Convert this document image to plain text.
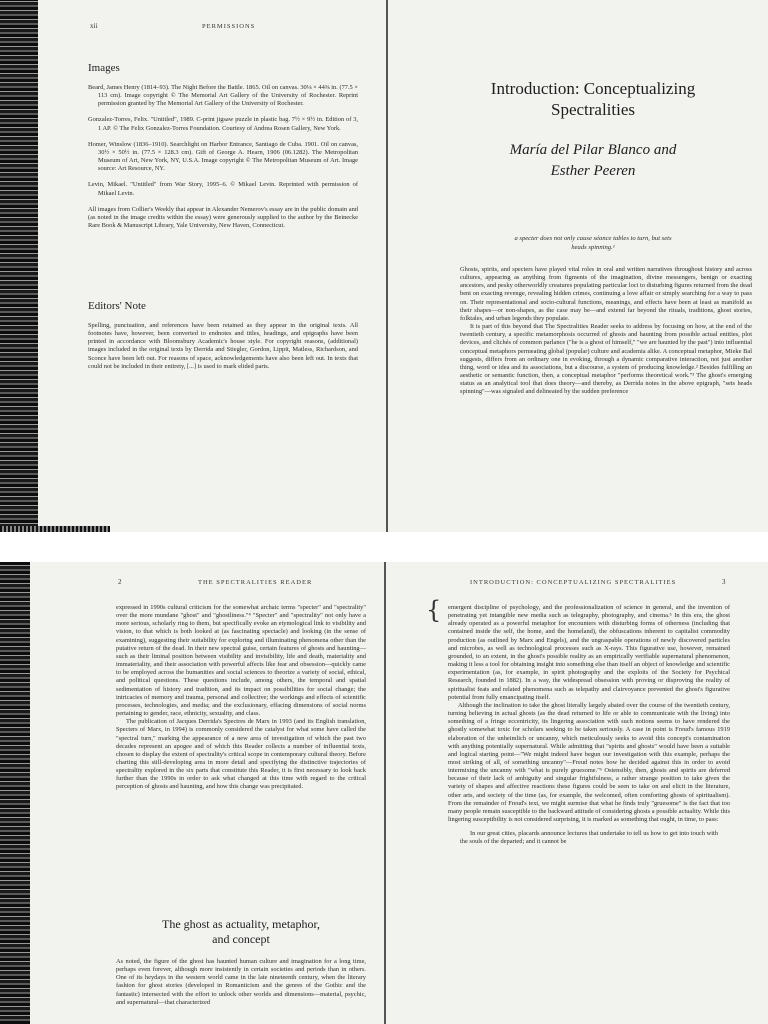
xii	PERMISSIONS
Images

Beard, James Henry (1814–93). The Night Before the Battle. 1865. Oil on canvas. 30⅛ × 44⅜ in. (77.5 × 113 cm). Image copyright © The Memorial Art Gallery of the University of Rochester. Reprint permission granted by The Memorial Art Gallery of the University of Rochester.

Gonzalez-Torres, Felix. "Untitled", 1989. C-print jigsaw puzzle in plastic bag. 7½ × 9½ in. Edition of 3, 1 AP. © The Felix Gonzalez-Torres Foundation. Courtesy of Andrea Rosen Gallery, New York.

Homer, Winslow (1836–1910). Searchlight on Harbor Entrance, Santiago de Cuba. 1901. Oil on canvas, 30½ × 50½ in. (77.5 × 128.3 cm). Gift of George A. Hearn, 1906 (06.1282). The Metropolitan Museum of Art, New York, NY, U.S.A. Image copyright © The Metropolitan Museum of Art. Image source: Art Resource, NY.

Levin, Mikael. "Untitled" from War Story, 1995–6. © Mikael Levin. Reprinted with permission of Mikael Levin.

All images from Collier's Weekly that appear in Alexander Nemerov's essay are in the public domain and (as noted in the image credits within the essay) were generously supplied to the author by the Beinecke Rare Book & Manuscript Library, Yale University, New Haven, Connecticut.

Editors' Note

Spelling, punctuation, and references have been retained as they appear in the original texts. All footnotes have, however, been converted to endnotes and titles, headings, and epigraphs have been printed in accordance with Bloomsbury Academic's house style. For copyright reasons, (additional) images included in the original texts by Derrida and Stiegler, Gordon, Lippit, Matless, Richardson, and Sconce have been left out. For reasons of space, acknowledgements have also been left out. In texts that could not be included in their entirety, [...] is used to mark elided parts.

Introduction: Conceptualizing
Spectralities
María del Pilar Blanco and
Esther Peeren
a specter does not only cause séance tables to turn, but sets
heads spinning.¹

Ghosts, spirits, and specters have played vital roles in oral and written narratives throughout history and across cultures, appearing as anything from figments of the imagination, divine messengers, benign or exacting ancestors, and pesky otherworldly creatures populating particular loci to disturbing figures returned from the dead bent on exacting revenge, revealing hidden crimes, continuing a love affair or simply searching for a way to pass on. Their representational and socio-cultural functions, meanings, and effects have been at least as manifold as their shapes—or non-shapes, as the case may be—and extend far beyond the rituals, traditions, ghost stories, folktales, and urban legends they populate.

It is part of this beyond that The Spectralities Reader seeks to address by focusing on how, at the end of the twentieth century, a specific metamorphosis occurred of ghosts and haunting from possible actual entities, plot devices, and clichés of common parlance ("he is a ghost of himself," "we are haunted by the past") into influential conceptual metaphors permeating global (popular) culture and academia alike. A conceptual metaphor, Mieke Bal suggests, differs from an ordinary one in evoking, through a dynamic comparative interaction, not just another thing, word or idea and its associations, but a discourse, a system of producing knowledge.² Besides fulfilling an aesthetic or semantic function, then, a conceptual metaphor "performs theoretical work."³ The ghost's emerging status as an analytical tool that does theory—and thereby, as Derrida notes in the above epigraph, "sets heads spinning"—was signaled and delineated by the sudden preference

2	THE SPECTRALITIES READER

expressed in 1990s cultural criticism for the somewhat archaic terms "specter" and "spectrality" over the more mundane "ghost" and "ghostliness."⁴ "Specter" and "spectrality" not only have a more serious, scholarly ring to them, but specifically evoke an etymological link to visibility and vision, to that which is both looked at (as fascinating spectacle) and looking (in the sense of examining), suggesting their suitability for exploring and illuminating phenomena other than the putative return of the dead. In their new spectral guise, certain features of ghosts and haunting—such as their liminal position between visibility and invisibility, life and death, materiality and immateriality, and their association with powerful affects like fear and obsession—quickly came to be employed across the humanities and social sciences to theorize a variety of social, ethical, and political questions. These questions include, among others, the temporal and spatial sedimentation of history and tradition, and its impact on possibilities for social change; the intricacies of memory and trauma, personal and collective; the workings and effects of scientific processes, technologies, and media; and the exclusionary, effacing dimensions of social norms pertaining to gender, race, ethnicity, sexuality, and class.

The publication of Jacques Derrida's Spectres de Marx in 1993 (and its English translation, Specters of Marx, in 1994) is commonly considered the catalyst for what some have called the "spectral turn," marking the appearance of a new area of investigation of which the past two decades represent an apogee and of which this Reader collects a number of influential texts, chosen to display the extent of spectrality's critical scope in contemporary cultural theory. Before charting this still-developing area in more detail and specifying the distinctive trajectories of spectrality explored in the six parts that constitute this Reader, it is first necessary to look back further than the 1990s in order to ask what changed at this time with regard to the critical perception of ghosts and haunting, and how this change was precipitated.

The ghost as actuality, metaphor,
and concept

As noted, the figure of the ghost has haunted human culture and imagination for a long time, perhaps even forever, although more insistently in certain societies and periods than in others. One of its heydays in the western world came in the late nineteenth century, when the literary fashion for ghost stories (developed in Romanticism and the genres of the Gothic and the fantastic) intersected with the effort to unlock other worlds and dimensions—material, psychic, and supernatural—that characterized

INTRODUCTION: CONCEPTUALIZING SPECTRALITIES	3
{ emergent discipline of psychology, and the professionalization of science in general, and the invention of penetrating yet intangible new media such as telegraphy, photography, and cinema.⁵ In this era, the ghost already operated as a powerful metaphor for encounters with disturbing forms of otherness (including that contained inside the self, the home, and the homeland), the obfuscations inherent to capitalist commodity production (as outlined by Marx and Engels), and the ungraspable operations of newly discovered particles and microbes, as well as technological processes such as X-rays. This figurative use, however, remained grounded, to an extent, in the ghost's possible reality as an empirically verifiable supernatural phenomenon, making it less a tool for obtaining insight into something else than itself an object of knowledge and scientific experimentation (as, for example, in spirit photography and the exploits of the Society for Psychical Research, founded in 1882). In a way, the widespread obsession with proving or disproving the reality of spiritualist feats and related phenomena such as telepathy and clairvoyance prevented the ghost's figurative potential from fully emancipating itself.

Although the inclination to take the ghost literally largely abated over the course of the twentieth century, turning believing in actual ghosts (as the dead returned to life or able to communicate with the living) into something of a fringe eccentricity, its lingering association with such notions seems to have rendered the ghostly somewhat toxic for scholars seeking to be taken seriously. A case in point is Freud's famous 1919 elaboration of the unheimlich or uncanny, which meticulously seeks to avoid this concept's contamination with anything potentially supernatural. While admitting that "spirits and ghosts" would have been a suitable and logical starting point—"We might indeed have begun our investigation with this example, perhaps the most striking of all, of something uncanny"—Freud notes how he decided against this in order to avoid intermixing the uncanny with "what is purely gruesome."⁶ Ostensibly, then, ghosts and spirits are deferred because of their lack of ambiguity and singular frightfulness, a rather strange position to take given the variety of shapes and affective reactions these figures could be seen to take on and elicit in the literature, other arts, and society of the time (as, for example, the welcomed, often comforting ghosts of spiritualism). From the remainder of Freud's text, we might surmise that what he finds truly "gruesome" is the fact that too many people remain susceptible to the backward attitude of considering ghosts a possible actuality. While this lingering susceptibility is not considered surprising, it is marked as something that ought, in time, to pass:

In our great cities, placards announce lectures that undertake to tell us how to get into touch with the souls of the departed; and it cannot be
